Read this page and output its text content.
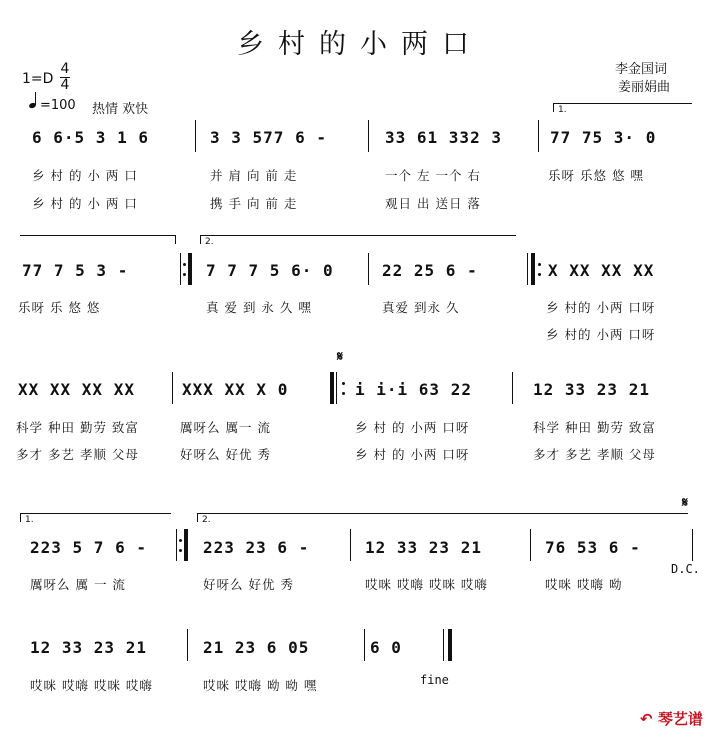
乡村的小两口
李金国词
姜丽娟曲
$1=D \frac{4}{4}$
=100 热情 欢快	1.
6 6·5 3 1 6	3 3 577 6 -	33 61 332 3	77 75 3· 0
乡 村 的 小 两 口	并 肩 向 前 走	一个 左 一个 右	乐呀 乐悠 悠 嘿
乡 村 的 小 两 口	携 手 向 前 走	观日 出 送日 落
2.
77 7 5 3 -	7 7 7 5 6· 0	22 25 6 -	X XX XX XX
乐呀 乐 悠 悠	真 爱 到 永 久 嘿	真爱 到永 久	乡 村的 小两 口呀
乡 村的 小两 口呀
𝄋
XX XX XX XX	XXX XX X 0	i i·i 63 22	12 33 23 21
科学 种田 勤劳 致富	厲呀么 厲一 流	乡 村 的 小两 口呀	科学 种田 勤劳 致富
多才 多艺 孝顺 父母	好呀么 好优 秀	乡 村 的 小两 口呀	多才 多艺 孝顺 父母
1.	2.
𝄋
223 5 7 6 -	223 23 6 -	12 33 23 21	76 53 6 -
D.C.
厲呀么 厲 一 流	好呀么 好优 秀	哎咪 哎嗨 哎咪 哎嗨	哎咪 哎嗨 呦
12 33 23 21	21 23 6 05	6 0
哎咪 哎嗨 哎咪 哎嗨	哎咪 哎嗨 呦 呦 嘿	fine
↶ 琴艺谱
